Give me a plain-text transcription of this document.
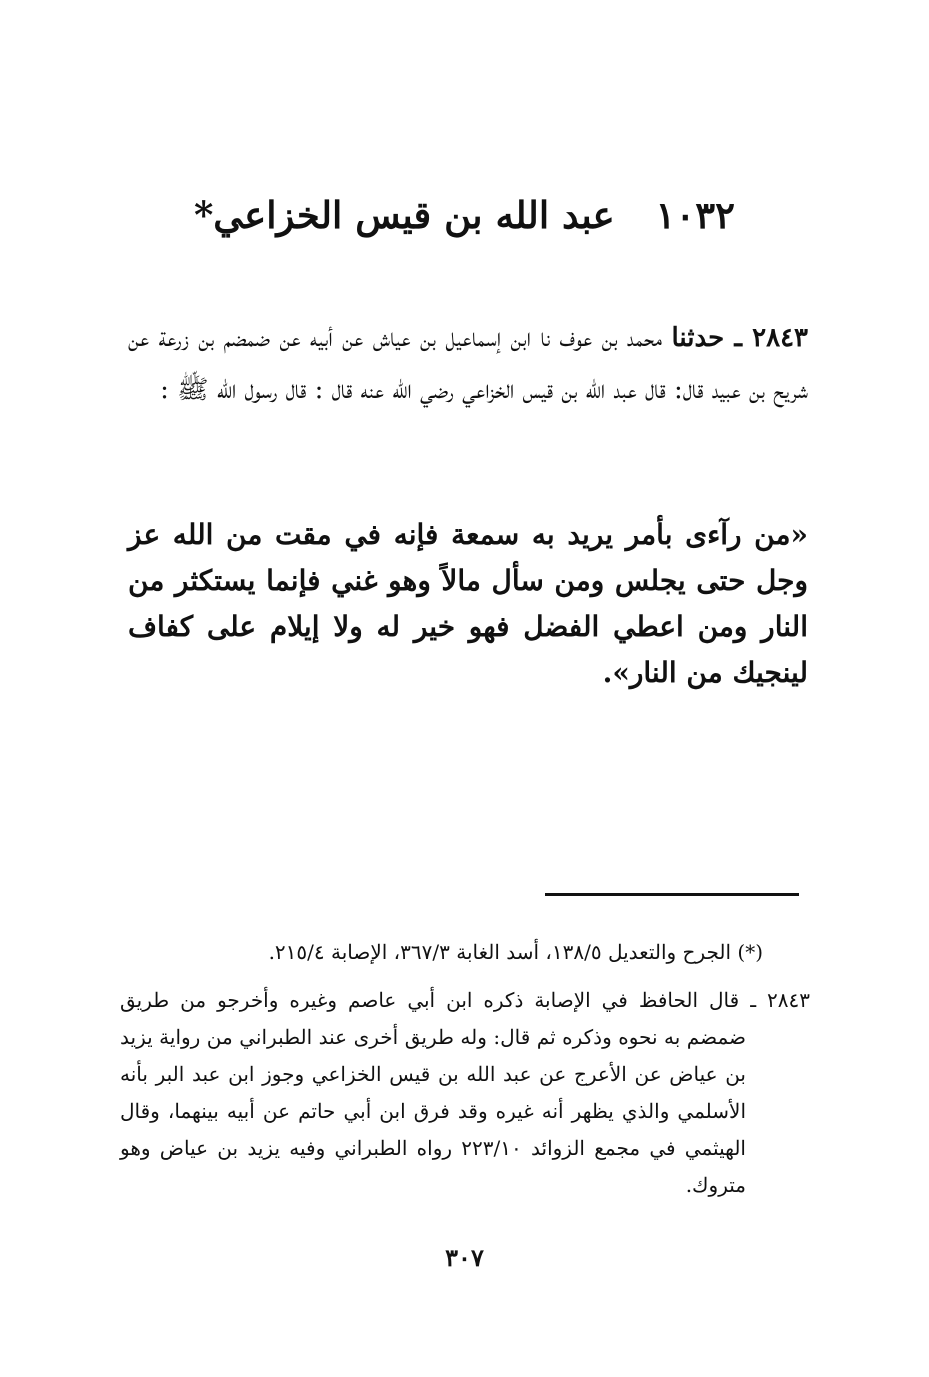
١٠٣٢ عبد الله بن قيس الخزاعي*

٢٨٤٣ ـ حدثنا محمد بن عوف نا ابن إسماعيل بن عياش عن أبيه عن ضمضم بن زرعة عن شريح بن عبيد قال: قال عبد الله بن قيس الخزاعي رضي الله عنه قال : قال رسول الله ﷺ :

«من رآءى بأمر يريد به سمعة فإنه في مقت من الله عز وجل حتى يجلس ومن سأل مالاً وهو غني فإنما يستكثر من النار ومن اعطي الفضل فهو خير له ولا إيلام على كفاف لينجيك من النار».

(*) الجرح والتعديل ١٣٨/٥، أسد الغابة ٣٦٧/٣، الإصابة ٢١٥/٤.

٢٨٤٣ ـ قال الحافظ في الإصابة ذكره ابن أبي عاصم وغيره وأخرجو من طريق ضمضم به نحوه وذكره ثم قال: وله طريق أخرى عند الطبراني من رواية يزيد بن عياض عن الأعرج عن عبد الله بن قيس الخزاعي وجوز ابن عبد البر بأنه الأسلمي والذي يظهر أنه غيره وقد فرق ابن أبي حاتم عن أبيه بينهما، وقال الهيثمي في مجمع الزوائد ٢٢٣/١٠ رواه الطبراني وفيه يزيد بن عياض وهو متروك.

٣٠٧
